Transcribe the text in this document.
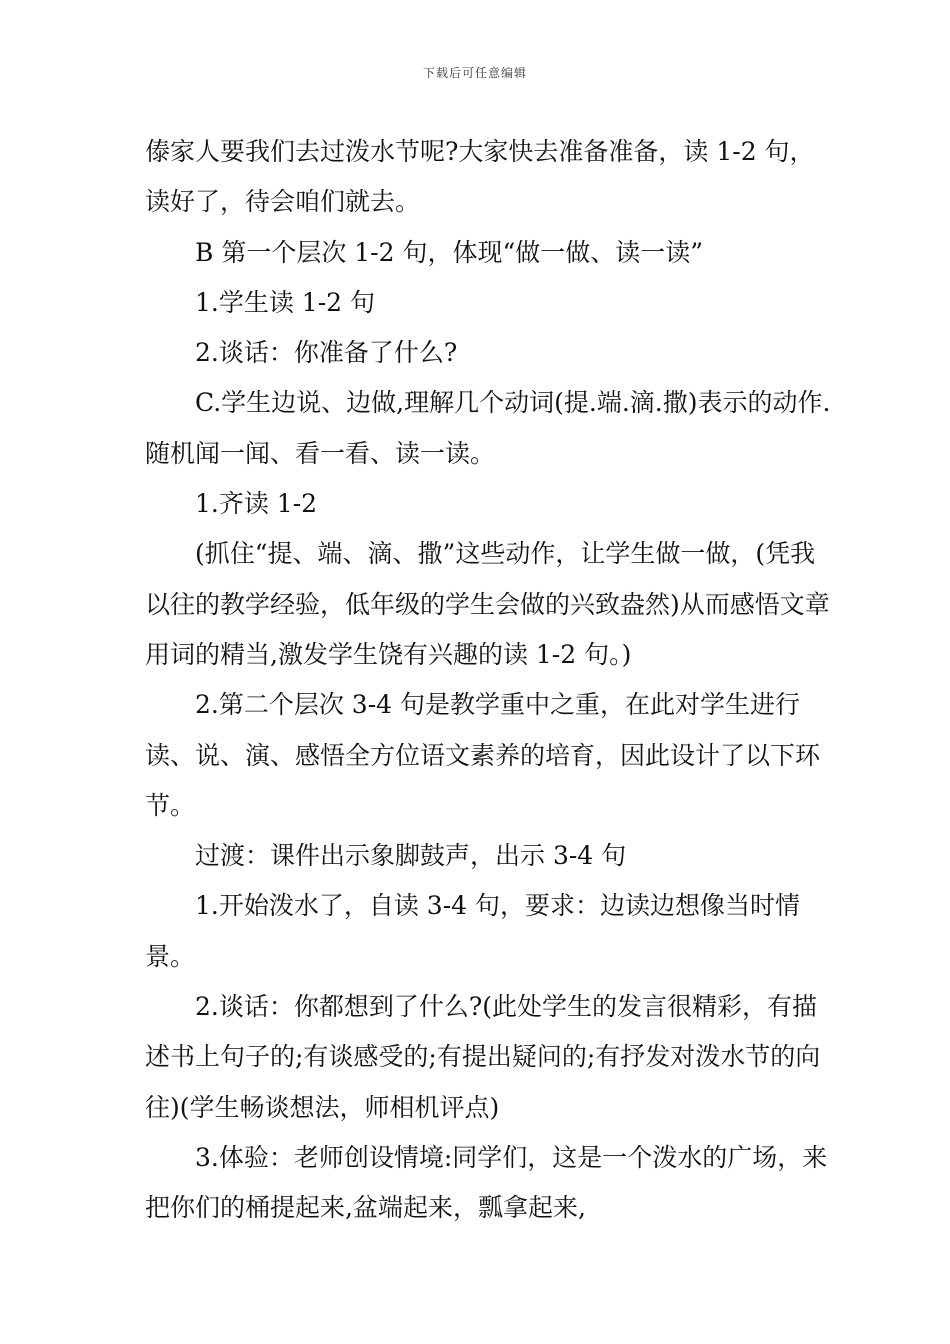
下载后可任意编辑

傣家人要我们去过泼水节呢?大家快去准备准备，读 1-2 句，读好了，待会咱们就去。

B 第一个层次 1-2 句，体现“做一做、读一读”

1.学生读 1-2 句

2.谈话：你准备了什么?

C.学生边说、边做,理解几个动词(提.端.滴.撒)表示的动作.随机闻一闻、看一看、读一读。

1.齐读 1-2

(抓住“提、端、滴、撒”这些动作，让学生做一做，(凭我以往的教学经验，低年级的学生会做的兴致盎然)从而感悟文章用词的精当,激发学生饶有兴趣的读 1-2 句。)

2.第二个层次 3-4 句是教学重中之重，在此对学生进行读、说、演、感悟全方位语文素养的培育，因此设计了以下环节。

过渡：课件出示象脚鼓声，出示 3-4 句

1.开始泼水了，自读 3-4 句，要求：边读边想像当时情景。

2.谈话：你都想到了什么?(此处学生的发言很精彩，有描述书上句子的;有谈感受的;有提出疑问的;有抒发对泼水节的向往)(学生畅谈想法，师相机评点)

3.体验：老师创设情境:同学们，这是一个泼水的广场，来把你们的桶提起来,盆端起来，瓢拿起来,
